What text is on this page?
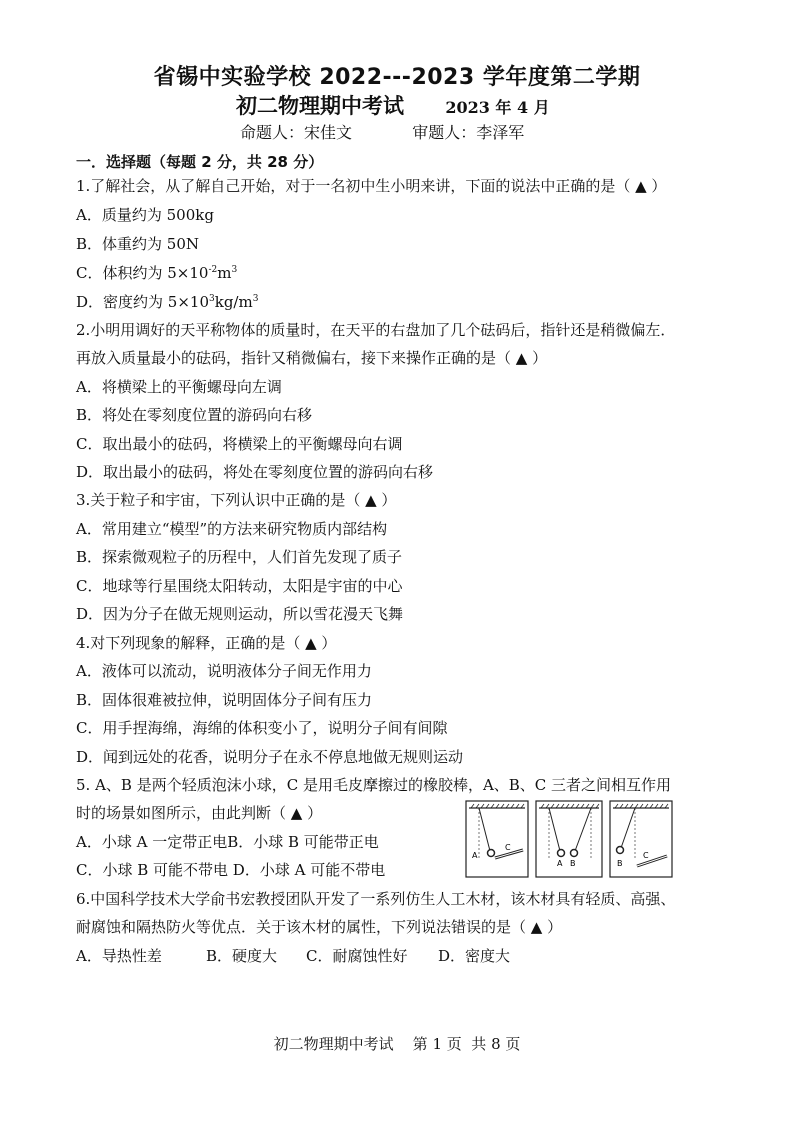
省锡中实验学校 2022---2023 学年度第二学期
初二物理期中考试	2023 年 4 月
命题人：宋佳文	审题人：李泽军
一．选择题（每题 2 分，共 28 分）
1.了解社会，从了解自己开始，对于一名初中生小明来讲，下面的说法中正确的是（ ▲ ）
A．质量约为 500kg
B．体重约为 50N
C．体积约为 $5\times 10^{-2}m^3$
D．密度约为 $5\times 10^3kg/m^3$
2.小明用调好的天平称物体的质量时，在天平的右盘加了几个砝码后，指针还是稍微偏左．
再放入质量最小的砝码，指针又稍微偏右，接下来操作正确的是（ ▲ ）
A．将横梁上的平衡螺母向左调
B．将处在零刻度位置的游码向右移
C．取出最小的砝码，将横梁上的平衡螺母向右调
D．取出最小的砝码，将处在零刻度位置的游码向右移
3.关于粒子和宇宙，下列认识中正确的是（ ▲ ）
A．常用建立“模型”的方法来研究物质内部结构
B．探索微观粒子的历程中，人们首先发现了质子
C．地球等行星围绕太阳转动，太阳是宇宙的中心
D．因为分子在做无规则运动，所以雪花漫天飞舞
4.对下列现象的解释，正确的是（ ▲ ）
A．液体可以流动，说明液体分子间无作用力
B．固体很难被拉伸，说明固体分子间有压力
C．用手捏海绵，海绵的体积变小了，说明分子间有间隙
D．闻到远处的花香，说明分子在永不停息地做无规则运动
5. A、B 是两个轻质泡沫小球，C 是用毛皮摩擦过的橡胶棒，A、B、C 三者之间相互作用
时的场景如图所示，由此判断（ ▲ ）
A．小球 A 一定带正电B．小球 B 可能带正电
C．小球 B 可能不带电 D．小球 A 可能不带电
A
C
A B	B
C
6.中国科学技术大学俞书宏教授团队开发了一系列仿生人工木材，该木材具有轻质、高强、
耐腐蚀和隔热防火等优点．关于该木材的属性，下列说法错误的是（ ▲ ）
A．导热性差	B．硬度大 C．耐腐蚀性好 D．密度大
初二物理期中考试    第 1 页  共 8 页
